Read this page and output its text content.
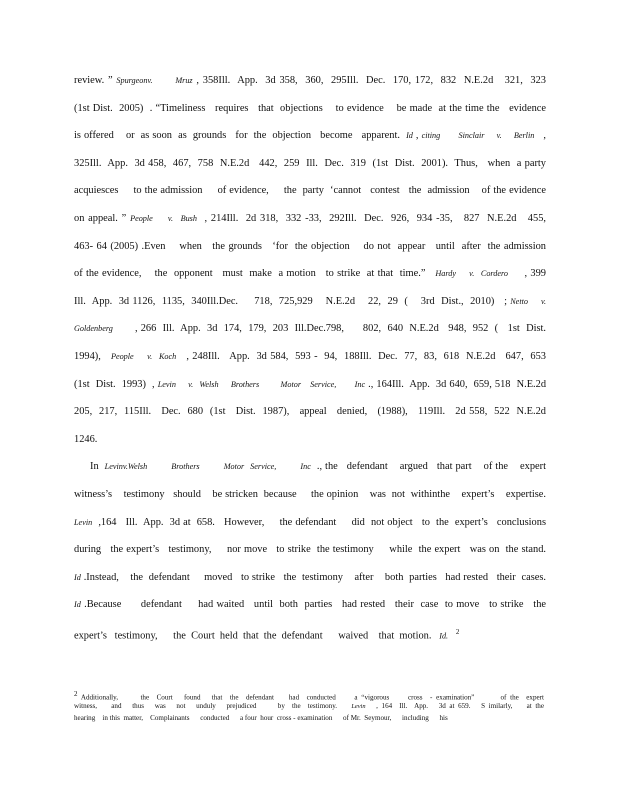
review. ” Spurgeonv.	Mruz , 358Ill.  App.  3d 358,  360,  295Ill.  Dec.  170, 172,  832  N.E.2d   321,  323
(1st Dist.  2005)  . “Timeliness   requires   that  objections    to evidence    be made  at the time the   evidence
is offered    or  as soon  as  grounds   for  the  objection   become   apparent.  Id , citing Sinclair v. Berlin   ,
325Ill.  App.  3d 458,  467,  758  N.E.2d   442,  259  Ill.  Dec.  319  (1st  Dist.  2001).  Thus,   when  a party
acquiesces     to the admission     of evidence,     the  party  ‘cannot   contest   the  admission    of the evidence
on appeal. ” People v. Bush  , 214Ill.  2d 318,  332 -33,  292Ill.  Dec.  926,  934 -35,   827  N.E.2d   455,
463- 64 (2005) .Even    when   the grounds   ‘for  the objection    do not  appear   until  after  the admission
of the evidence,    the  opponent   must  make  a motion   to strike  at that  time.”   Hardy v. Cordero     , 399
Ill.  App.  3d 1126,  1135,  340Ill.Dec.     718,  725,929    N.E.2d    22,  29  (    3rd  Dist.,  2010)   ; Netto v.
Goldenberg       , 266  Ill.  App.  3d  174,  179,  203  Ill.Dec.798,      802,  640  N.E.2d   948,  952  (   1st  Dist.
1994),   People v. Koch   , 248Ill.   App.  3d 584,  593 -  94,  188Ill.  Dec.  77,  83,  618  N.E.2d   647,  653
(1st  Dist.  1993)  , Levin v. Welsh Brothers	Motor Service, Inc ., 164Ill.  App.  3d 640,  659, 518  N.E.2d
205,  217,  115Ill.   Dec.  680  (1st   Dist.  1987),   appeal   denied,   (1988),   119Ill.   2d 558,  522  N.E.2d
1246.
In  Levinv.Welsh	Brothers	Motor Service,	Inc  ., the   defendant    argued   that part    of the    expert
witness’s    testimony   should    be stricken  because     the opinion    was  not  withinthe    expert’s    expertise.
Levin  ,164   Ill.  App.  3d at  658.   However,     the defendant     did  not object   to  the  expert’s   conclusions
during   the expert’s   testimony,     nor move   to strike  the testimony     while  the expert   was on  the stand.
Id .Instead,    the  defendant     moved   to strike   the  testimony    after    both  parties   had rested   their  cases.
Id .Because      defendant     had waited   until  both  parties   had rested   their  case  to move   to strike   the
expert’s   testimony,      the  Court  held  that  the  defendant      waived    that  motion.   Id. $^2$
2 Additionally,      the  Court   found   that  the  defendant    had  conducted     a “vigorous     cross  - examination”       of the  expert
witness,    and   thus   was   not   unduly   prejudiced      by  the  testimony.    Levin   , 164  Ill.  App.   3d at 659.   S imilarly,    at the
hearing    in this  matter,    Complainants      conducted      a four  hour  cross - examination      of Mr.  Seymour,      including      his
